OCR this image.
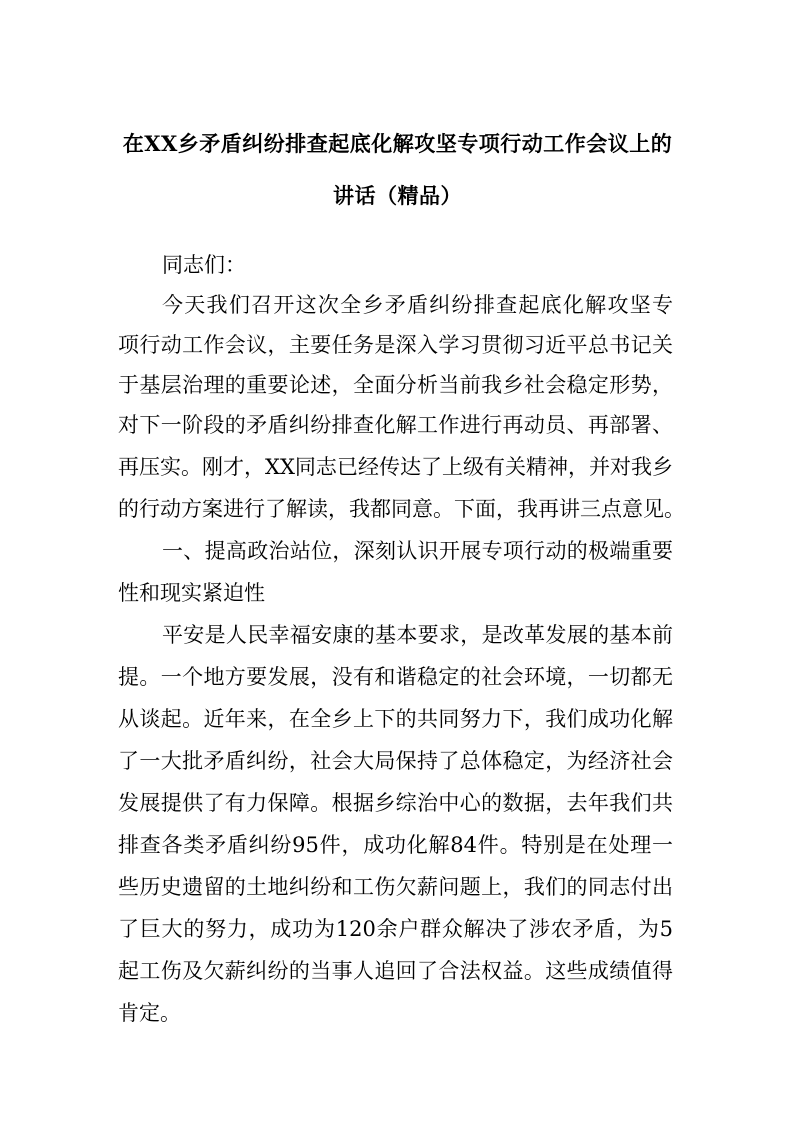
在XX乡矛盾纠纷排查起底化解攻坚专项行动工作会议上的
讲话（精品）
同志们：
今天我们召开这次全乡矛盾纠纷排查起底化解攻坚专
项行动工作会议，主要任务是深入学习贯彻习近平总书记关
于基层治理的重要论述，全面分析当前我乡社会稳定形势，
对下一阶段的矛盾纠纷排查化解工作进行再动员、再部署、
再压实。刚才，XX同志已经传达了上级有关精神，并对我乡
的行动方案进行了解读，我都同意。下面，我再讲三点意见。
一、提高政治站位，深刻认识开展专项行动的极端重要
性和现实紧迫性
平安是人民幸福安康的基本要求，是改革发展的基本前
提。一个地方要发展，没有和谐稳定的社会环境，一切都无
从谈起。近年来，在全乡上下的共同努力下，我们成功化解
了一大批矛盾纠纷，社会大局保持了总体稳定，为经济社会
发展提供了有力保障。根据乡综治中心的数据，去年我们共
排查各类矛盾纠纷95件，成功化解84件。特别是在处理一
些历史遗留的土地纠纷和工伤欠薪问题上，我们的同志付出
了巨大的努力，成功为120余户群众解决了涉农矛盾，为5
起工伤及欠薪纠纷的当事人追回了合法权益。这些成绩值得
肯定。
